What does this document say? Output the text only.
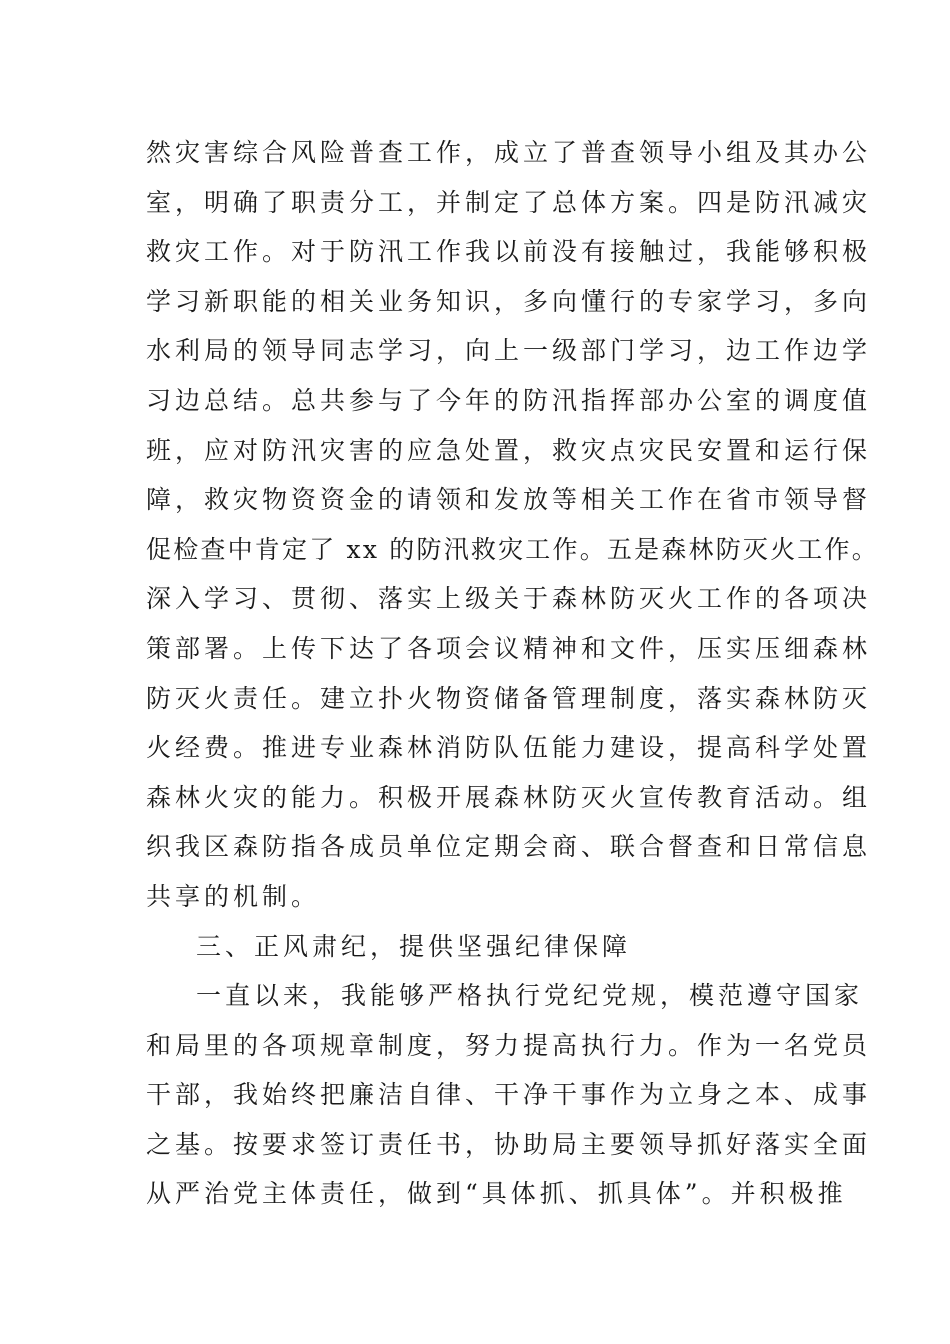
然灾害综合风险普查工作，成立了普查领导小组及其办公
室，明确了职责分工，并制定了总体方案。四是防汛减灾
救灾工作。对于防汛工作我以前没有接触过，我能够积极
学习新职能的相关业务知识，多向懂行的专家学习，多向
水利局的领导同志学习，向上一级部门学习，边工作边学
习边总结。总共参与了今年的防汛指挥部办公室的调度值
班，应对防汛灾害的应急处置，救灾点灾民安置和运行保
障，救灾物资资金的请领和发放等相关工作在省市领导督
促检查中肯定了 xx 的防汛救灾工作。五是森林防灭火工作。
深入学习、贯彻、落实上级关于森林防灭火工作的各项决
策部署。上传下达了各项会议精神和文件，压实压细森林
防灭火责任。建立扑火物资储备管理制度，落实森林防灭
火经费。推进专业森林消防队伍能力建设，提高科学处置
森林火灾的能力。积极开展森林防灭火宣传教育活动。组
织我区森防指各成员单位定期会商、联合督查和日常信息
共享的机制。
三、正风肃纪，提供坚强纪律保障
一直以来，我能够严格执行党纪党规，模范遵守国家
和局里的各项规章制度，努力提高执行力。作为一名党员
干部，我始终把廉洁自律、干净干事作为立身之本、成事
之基。按要求签订责任书，协助局主要领导抓好落实全面
从严治党主体责任，做到“具体抓、抓具体”。并积极推
